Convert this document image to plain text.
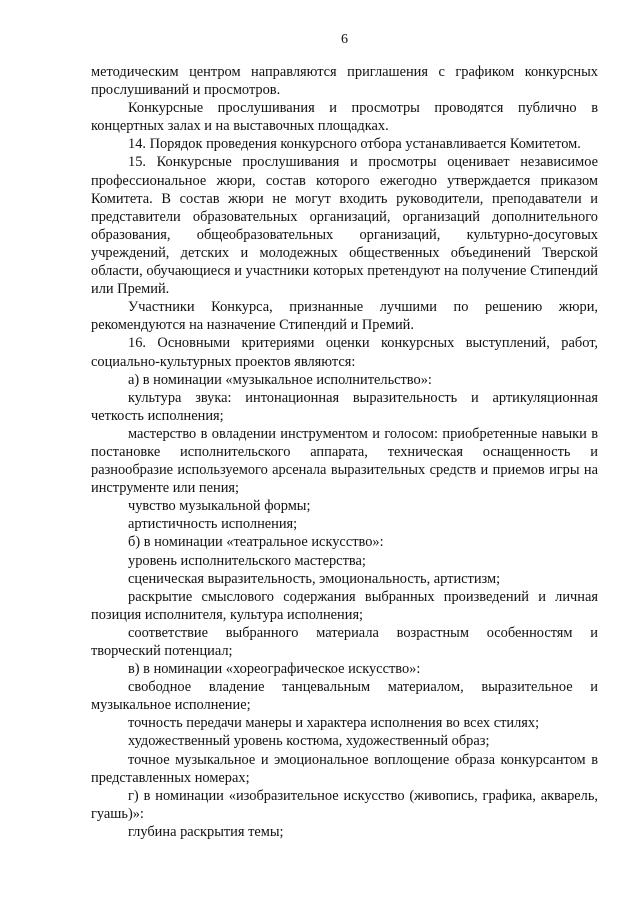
6

методическим центром направляются приглашения с графиком конкурсных прослушиваний и просмотров.

Конкурсные прослушивания и просмотры проводятся публично в концертных залах и на выставочных площадках.

14. Порядок проведения конкурсного отбора устанавливается Комитетом.

15. Конкурсные прослушивания и просмотры оценивает независимое профессиональное жюри, состав которого ежегодно утверждается приказом Комитета. В состав жюри не могут входить руководители, преподаватели и представители образовательных организаций, организаций дополнительного образования, общеобразовательных организаций, культурно-досуговых учреждений, детских и молодежных общественных объединений Тверской области, обучающиеся и участники которых претендуют на получение Стипендий или Премий.

Участники Конкурса, признанные лучшими по решению жюри, рекомендуются на назначение Стипендий и Премий.

16. Основными критериями оценки конкурсных выступлений, работ, социально-культурных проектов являются:

а) в номинации «музыкальное исполнительство»:

культура звука: интонационная выразительность и артикуляционная четкость исполнения;

мастерство в овладении инструментом и голосом: приобретенные навыки в постановке исполнительского аппарата, техническая оснащенность и разнообразие используемого арсенала выразительных средств и приемов игры на инструменте или пения;

чувство музыкальной формы;

артистичность исполнения;

б) в номинации «театральное искусство»:

уровень исполнительского мастерства;

сценическая выразительность, эмоциональность, артистизм;

раскрытие смыслового содержания выбранных произведений и личная позиция исполнителя, культура исполнения;

соответствие выбранного материала возрастным особенностям и творческий потенциал;

в) в номинации «хореографическое искусство»:

свободное владение танцевальным материалом, выразительное и музыкальное исполнение;

точность передачи манеры и характера исполнения во всех стилях;

художественный уровень костюма, художественный образ;

точное музыкальное и эмоциональное воплощение образа конкурсантом в представленных номерах;

г) в номинации «изобразительное искусство (живопись, графика, акварель, гуашь)»:

глубина раскрытия темы;
